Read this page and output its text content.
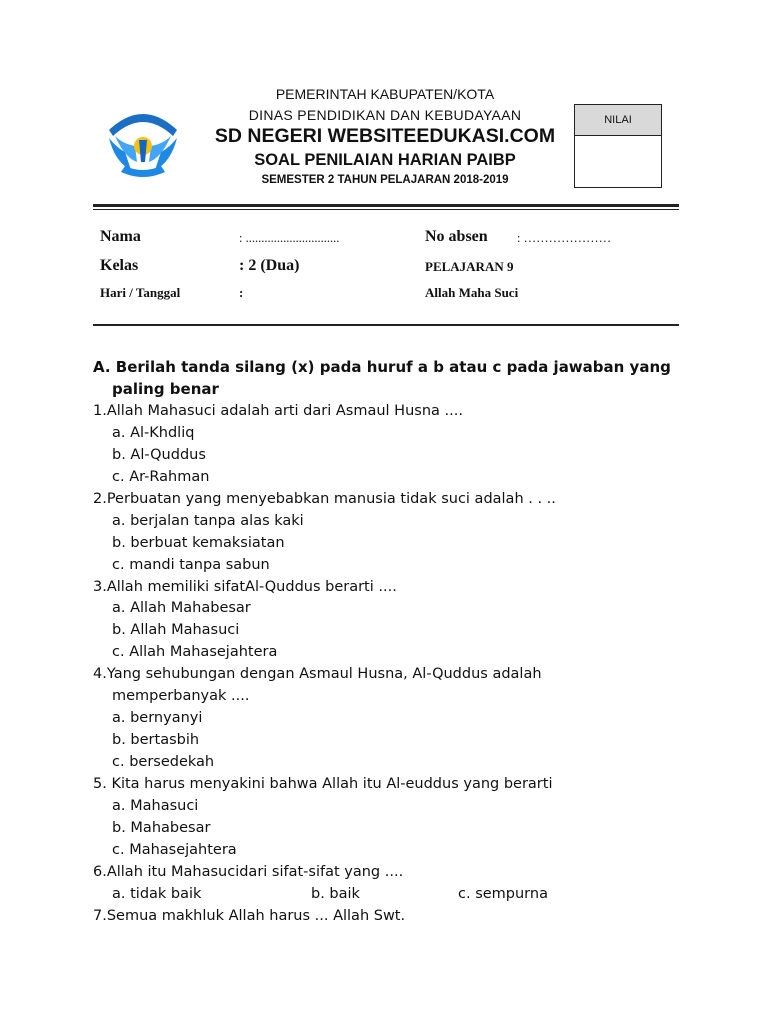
TUT WURI HANDAYANI
PEMERINTAH KABUPATEN/KOTA
DINAS PENDIDIKAN DAN KEBUDAYAAN
SD NEGERI WEBSITEEDUKASI.COM
SOAL PENILAIAN HARIAN PAIBP
SEMESTER 2 TAHUN PELAJARAN 2018-2019
NILAI
Nama	: ..............................	No absen : …………………
Kelas	: 2 (Dua)	PELAJARAN 9
Hari / Tanggal	:	Allah Maha Suci
A. Berilah tanda silang (x) pada huruf a b atau c pada jawaban yang
paling benar
1.Allah Mahasuci adalah arti dari Asmaul Husna ....
a. Al-Khdliq
b. Al-Quddus
c. Ar-Rahman
2.Perbuatan yang menyebabkan manusia tidak suci adalah . . ..
a. berjalan tanpa alas kaki
b. berbuat kemaksiatan
c. mandi tanpa sabun
3.Allah memiliki sifatAl-Quddus berarti ....
a. Allah Mahabesar
b. Allah Mahasuci
c. Allah Mahasejahtera
4.Yang sehubungan dengan Asmaul Husna, Al-Quddus adalah
memperbanyak ....
a. bernyanyi
b. bertasbih
c. bersedekah
5. Kita harus menyakini bahwa Allah itu Al-euddus yang berarti
a. Mahasuci
b. Mahabesar
c. Mahasejahtera
6.Allah itu Mahasucidari sifat-sifat yang ....
a. tidak baik	b. baik	c. sempurna
7.Semua makhluk Allah harus ... Allah Swt.
